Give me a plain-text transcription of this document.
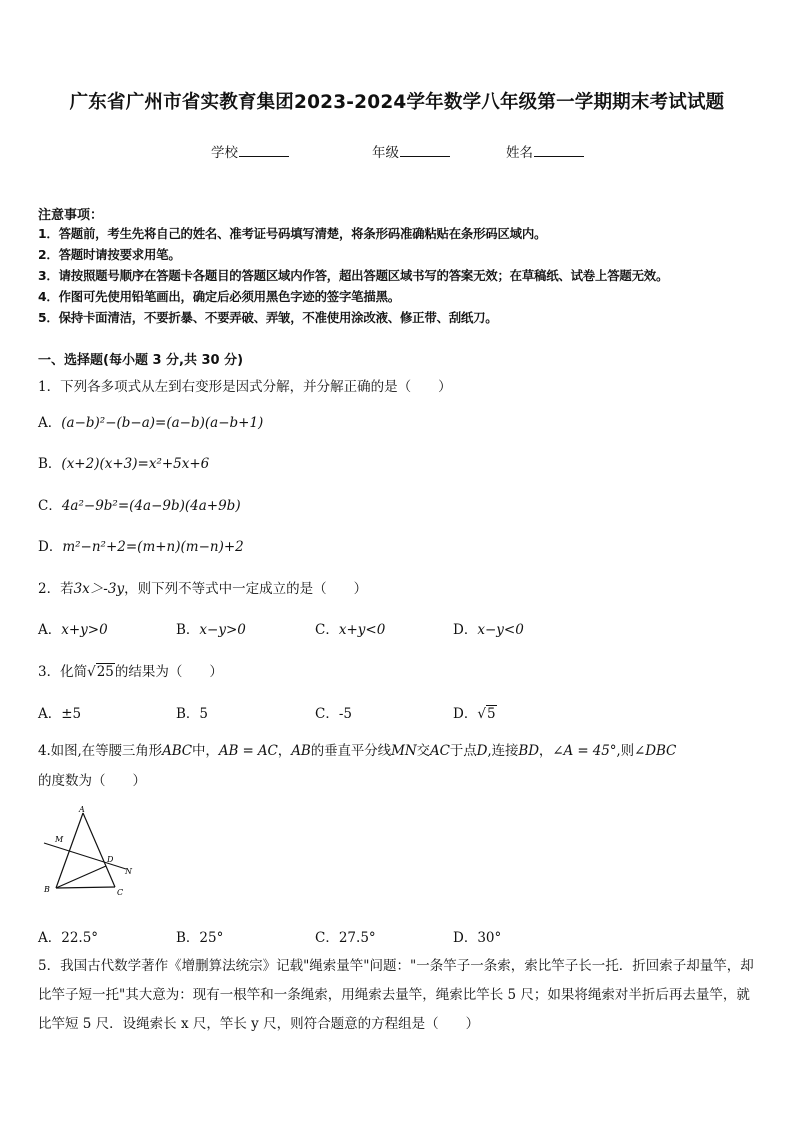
广东省广州市省实教育集团2023-2024学年数学八年级第一学期期末考试试题
学校	年级	姓名
注意事项：
1．答题前，考生先将自己的姓名、准考证号码填写清楚，将条形码准确粘贴在条形码区域内。
2．答题时请按要求用笔。
3．请按照题号顺序在答题卡各题目的答题区域内作答，超出答题区域书写的答案无效；在草稿纸、试卷上答题无效。
4．作图可先使用铅笔画出，确定后必须用黑色字迹的签字笔描黑。
5．保持卡面清洁，不要折暴、不要弄破、弄皱，不准使用涂改液、修正带、刮纸刀。
一、选择题(每小题 3 分,共 30 分)
1．下列各多项式从左到右变形是因式分解，并分解正确的是（　　）
A．(a−b)²−(b−a)=(a−b)(a−b+1)
B．(x+2)(x+3)=x²+5x+6
C．4a²−9b²=(4a−9b)(4a+9b)
D．m²−n²+2=(m+n)(m−n)+2
2．若3x＞-3y，则下列不等式中一定成立的是（　　）
A．x+y>0	B．x−y>0	C．x+y<0	D．x−y<0
3．化简√25的结果为（　　）
A．±5	B．5	C．-5	D．√5
4.如图,在等腰三角形ABC中，AB = AC，AB的垂直平分线MN交AC于点D,连接BD，∠A = 45°,则∠DBC
的度数为（　　）
A
M
D
N
B	C
A．22.5°	B．25°	C．27.5°	D．30°
5．我国古代数学著作《增删算法统宗》记载"绳索量竿"问题："一条竿子一条索，索比竿子长一托．折回索子却量竿，却比竿子短一托"其大意为：现有一根竿和一条绳索，用绳索去量竿，绳索比竿长 5 尺；如果将绳索对半折后再去量竿，就比竿短 5 尺．设绳索长 x 尺，竿长 y 尺，则符合题意的方程组是（　　）
